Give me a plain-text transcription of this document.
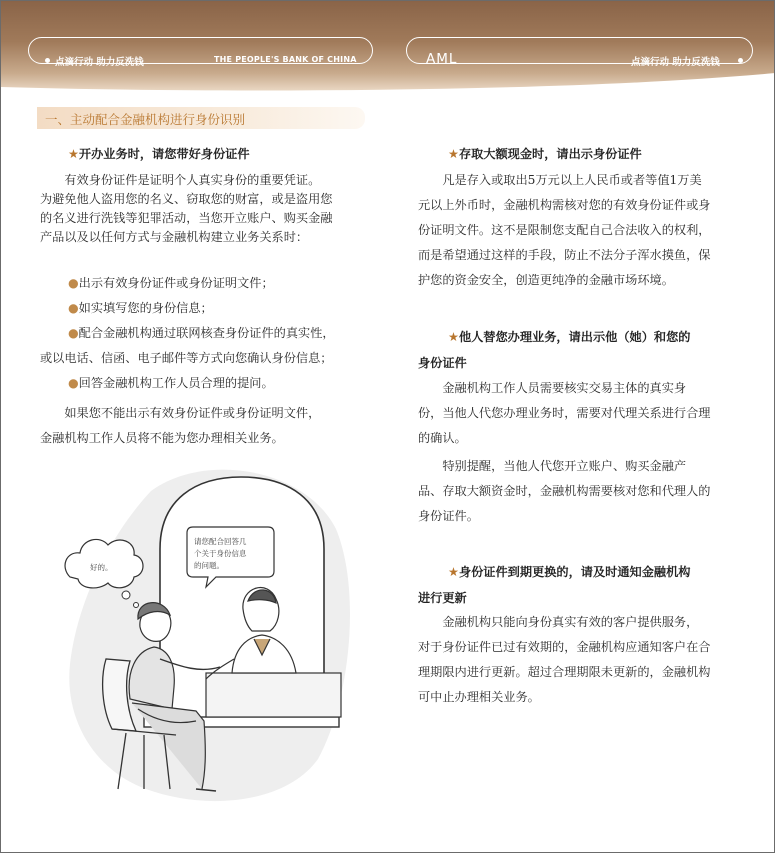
点滴行动 助力反洗钱	THE PEOPLE'S BANK OF CHINA	AML	点滴行动 助力反洗钱
一、主动配合金融机构进行身份识别
★开办业务时，请您带好身份证件
　　有效身份证件是证明个人真实身份的重要凭证。
为避免他人盗用您的名义、窃取您的财富，或是盗用您
的名义进行洗钱等犯罪活动，当您开立账户、购买金融
产品以及以任何方式与金融机构建立业务关系时：
●出示有效身份证件或身份证明文件；
●如实填写您的身份信息；
●配合金融机构通过联网核查身份证件的真实性，
或以电话、信函、电子邮件等方式向您确认身份信息；
●回答金融机构工作人员合理的提问。
　　如果您不能出示有效身份证件或身份证明文件，
金融机构工作人员将不能为您办理相关业务。
请您配合回答几
个关于身份信息
的问题。
好的。
★存取大额现金时，请出示身份证件
　　凡是存入或取出5万元以上人民币或者等值1万美
元以上外币时，金融机构需核对您的有效身份证件或身
份证明文件。这不是限制您支配自己合法收入的权利，
而是希望通过这样的手段，防止不法分子浑水摸鱼，保
护您的资金安全，创造更纯净的金融市场环境。
★他人替您办理业务，请出示他（她）和您的
身份证件
　　金融机构工作人员需要核实交易主体的真实身
份，当他人代您办理业务时，需要对代理关系进行合理
的确认。
　　特别提醒，当他人代您开立账户、购买金融产
品、存取大额资金时，金融机构需要核对您和代理人的
身份证件。
★身份证件到期更换的，请及时通知金融机构
进行更新
　　金融机构只能向身份真实有效的客户提供服务，
对于身份证件已过有效期的，金融机构应通知客户在合
理期限内进行更新。超过合理期限未更新的，金融机构
可中止办理相关业务。
